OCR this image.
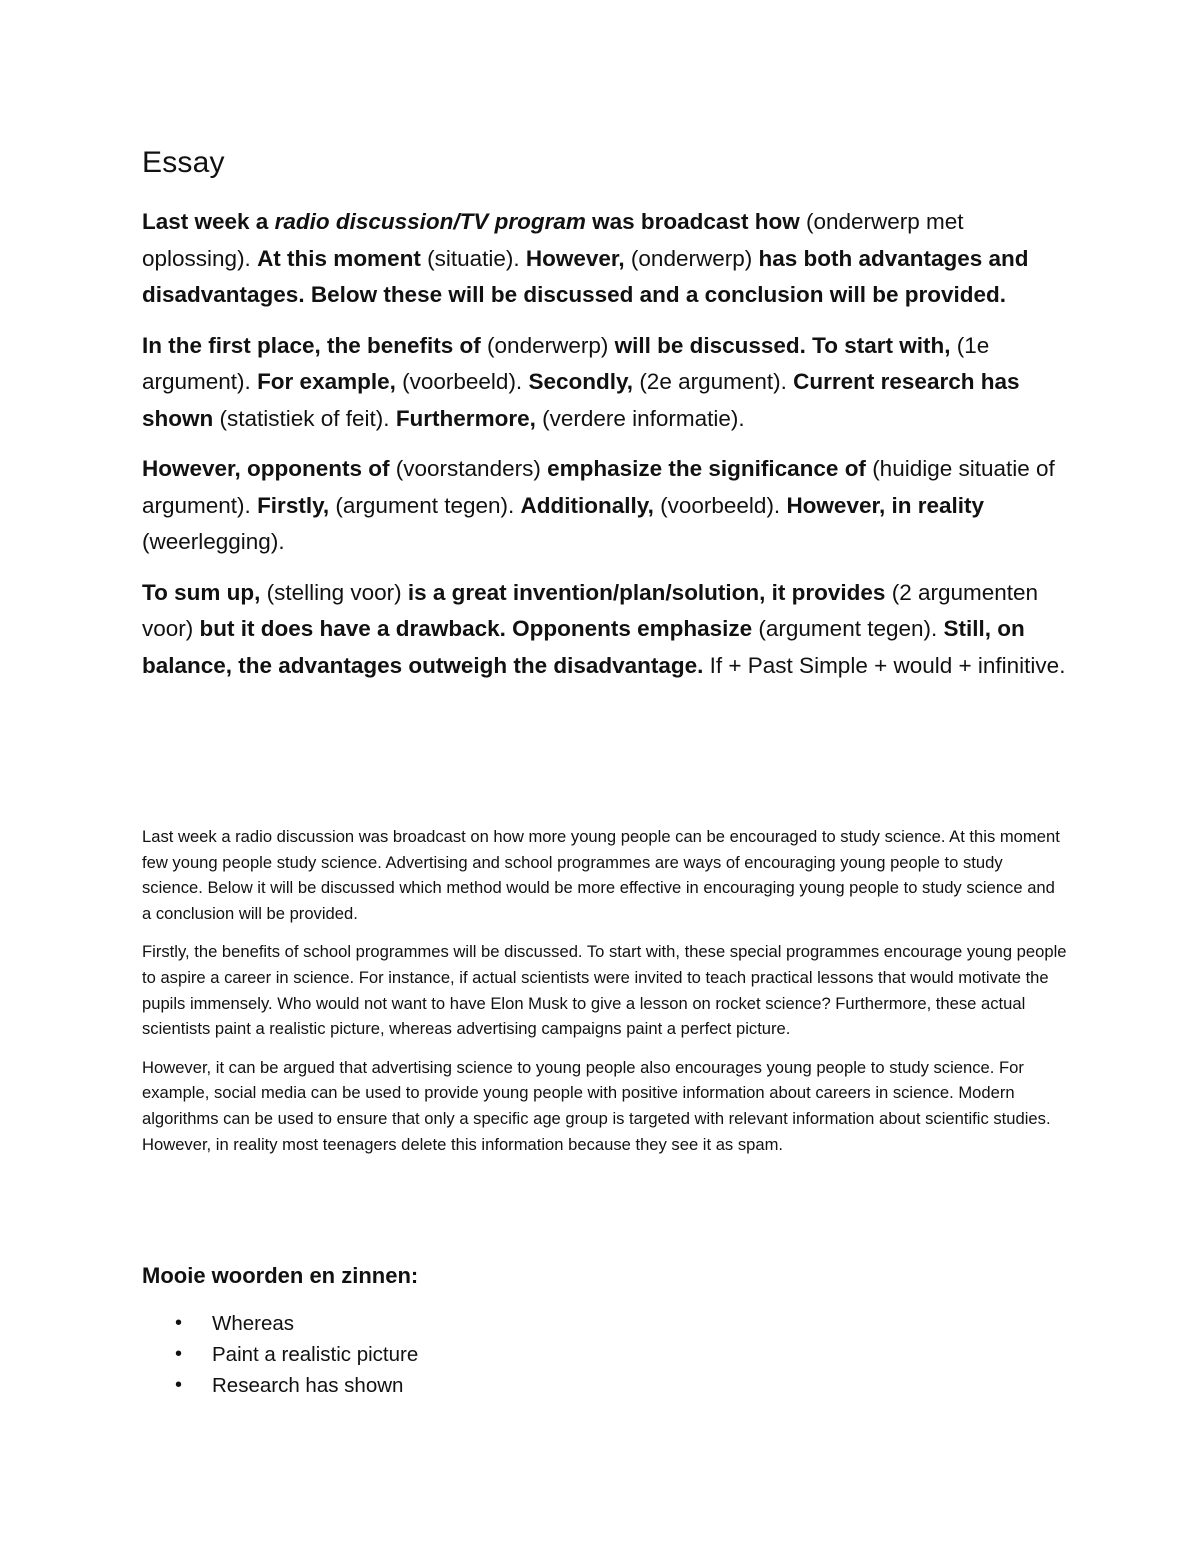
Essay

Last week a radio discussion/TV program was broadcast how (onderwerp met oplossing). At this moment (situatie). However, (onderwerp) has both advantages and disadvantages. Below these will be discussed and a conclusion will be provided.

In the first place, the benefits of (onderwerp) will be discussed. To start with, (1e argument). For example, (voorbeeld). Secondly, (2e argument). Current research has shown (statistiek of feit). Furthermore, (verdere informatie).

However, opponents of (voorstanders) emphasize the significance of (huidige situatie of argument). Firstly, (argument tegen). Additionally, (voorbeeld). However, in reality (weerlegging).

To sum up, (stelling voor) is a great invention/plan/solution, it provides (2 argumenten voor) but it does have a drawback. Opponents emphasize (argument tegen). Still, on balance, the advantages outweigh the disadvantage. If + Past Simple + would + infinitive.

Last week a radio discussion was broadcast on how more young people can be encouraged to study science. At this moment few young people study science. Advertising and school programmes are ways of encouraging young people to study science. Below it will be discussed which method would be more effective in encouraging young people to study science and a conclusion will be provided.

Firstly, the benefits of school programmes will be discussed. To start with, these special programmes encourage young people to aspire a career in science. For instance, if actual scientists were invited to teach practical lessons that would motivate the pupils immensely. Who would not want to have Elon Musk to give a lesson on rocket science? Furthermore, these actual scientists paint a realistic picture, whereas advertising campaigns paint a perfect picture.

However, it can be argued that advertising science to young people also encourages young people to study science. For example, social media can be used to provide young people with positive information about careers in science. Modern algorithms can be used to ensure that only a specific age group is targeted with relevant information about scientific studies. However, in reality most teenagers delete this information because they see it as spam.

Mooie woorden en zinnen:
• Whereas
• Paint a realistic picture
• Research has shown
